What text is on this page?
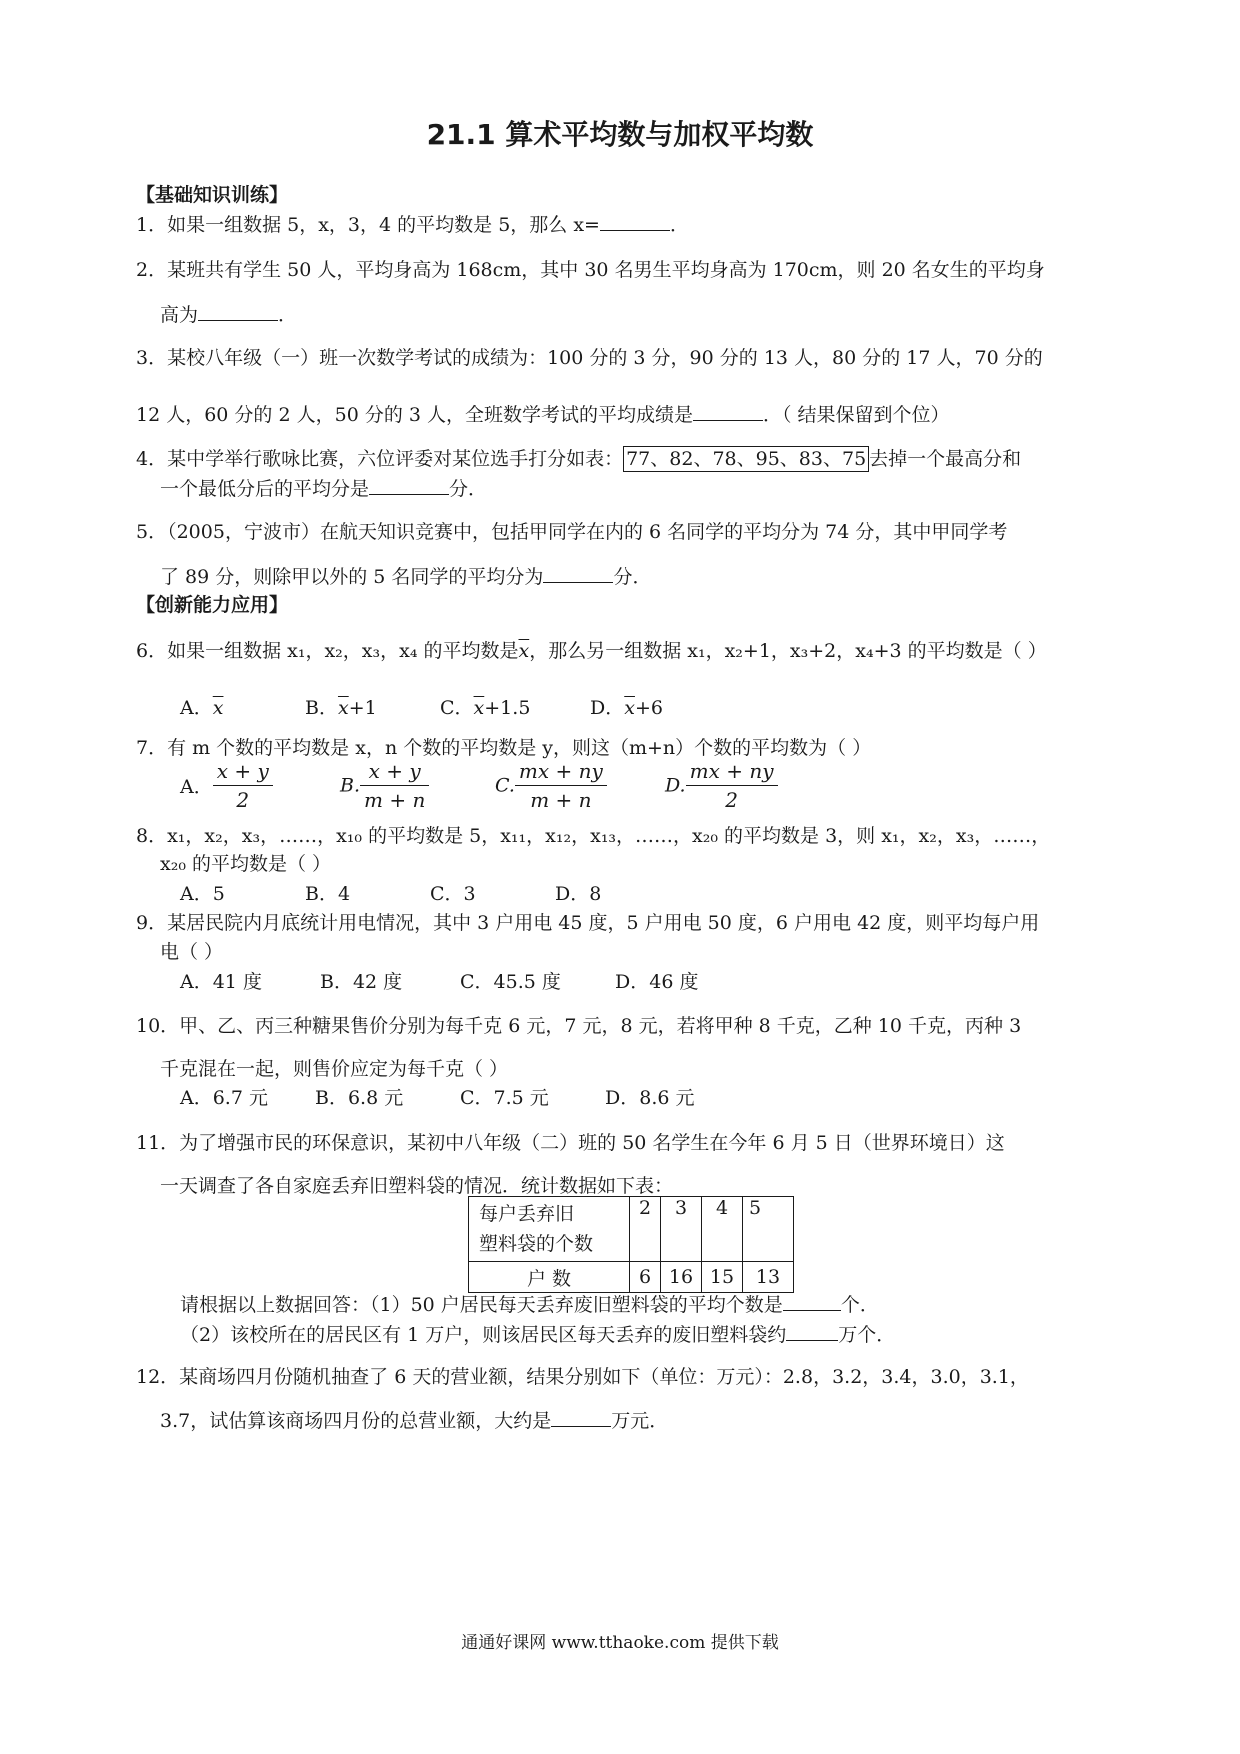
21.1 算术平均数与加权平均数
【基础知识训练】
1．如果一组数据 5，x，3，4 的平均数是 5，那么 x=	．
2．某班共有学生 50 人，平均身高为 168cm，其中 30 名男生平均身高为 170cm，则 20 名女生的平均身
高为	．
3．某校八年级（一）班一次数学考试的成绩为：100 分的 3 分，90 分的 13 人，80 分的 17 人，70 分的
12 人，60 分的 2 人，50 分的 3 人，全班数学考试的平均成绩是	．（ 结果保留到个位）
4．某中学举行歌咏比赛，六位评委对某位选手打分如表： 77、82、78、95、83、75 去掉一个最高分和
一个最低分后的平均分是	分．
5．（2005，宁波市）在航天知识竞赛中，包括甲同学在内的 6 名同学的平均分为 74 分，其中甲同学考
了 89 分，则除甲以外的 5 名同学的平均分为	分．
【创新能力应用】
6．如果一组数据 x₁，x₂，x₃，x₄ 的平均数是$\overline{x}$，那么另一组数据 x₁，x₂+1，x₃+2，x₄+3 的平均数是（ ）
A．$\overline{x}$	B．$\overline{x}+1$	C．$\overline{x}+1.5$	D．$\overline{x}+6$
7．有 m 个数的平均数是 x，n 个数的平均数是 y，则这（m+n）个数的平均数为（ ）
A． $\frac{x + y}{2}$	B. $\frac{x + y}{m + n}$	C. $\frac{mx + ny}{m + n}$	D. $\frac{mx + ny}{2}$
8．x₁，x₂，x₃，……，x₁₀ 的平均数是 5，x₁₁，x₁₂，x₁₃，……，x₂₀ 的平均数是 3，则 x₁，x₂，x₃，……，
x₂₀ 的平均数是（ ）
A．5	B．4	C．3	D．8
9．某居民院内月底统计用电情况，其中 3 户用电 45 度，5 户用电 50 度，6 户用电 42 度，则平均每户用
电（ ）
A．41 度	B．42 度	C．45.5 度	D．46 度
10．甲、乙、丙三种糖果售价分别为每千克 6 元，7 元，8 元，若将甲种 8 千克，乙种 10 千克，丙种 3
千克混在一起，则售价应定为每千克（ ）
A．6.7 元 B．6.8 元	C．7.5 元	D．8.6 元
11．为了增强市民的环保意识，某初中八年级（二）班的 50 名学生在今年 6 月 5 日（世界环境日）这
一天调查了各自家庭丢弃旧塑料袋的情况．统计数据如下表：
每户丢弃旧
塑料袋的个数	2	3	4	5

户 数	6	16	15	13
请根据以上数据回答：（1）50 户居民每天丢弃废旧塑料袋的平均个数是	个．
（2）该校所在的居民区有 1 万户，则该居民区每天丢弃的废旧塑料袋约	万个．
12．某商场四月份随机抽查了 6 天的营业额，结果分别如下（单位：万元）：2.8，3.2，3.4，3.0，3.1，
3.7，试估算该商场四月份的总营业额，大约是	万元．
通通好课网 www.tthaoke.com 提供下载
